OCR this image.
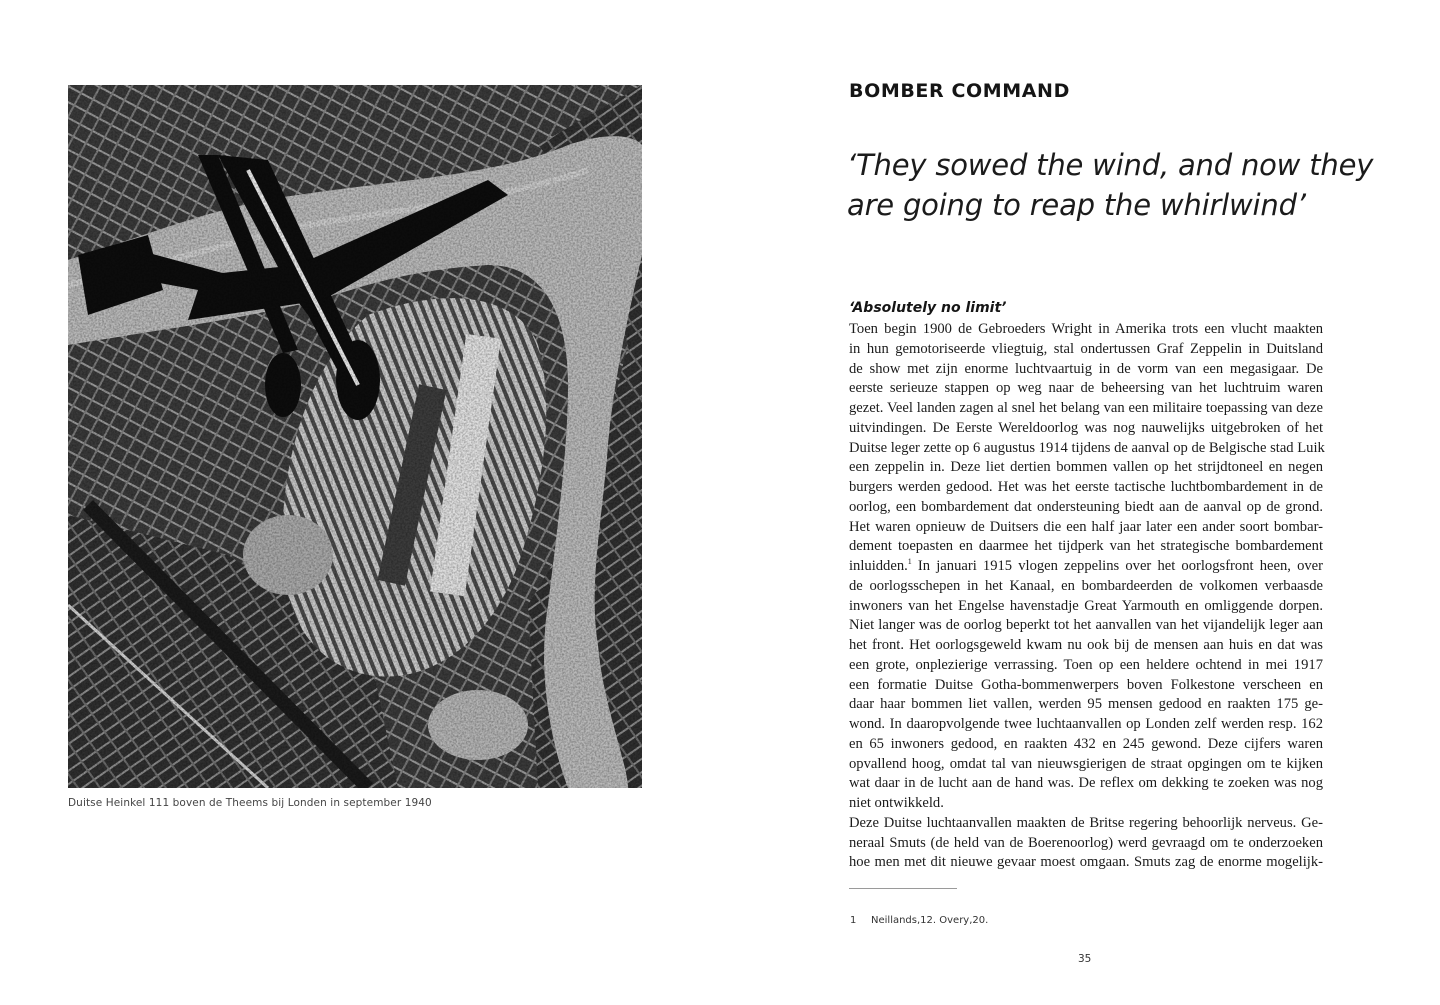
Duitse Heinkel 111 boven de Theems bij Londen in september 1940
BOMBER COMMAND
‘They sowed the wind, and now they
are going to reap the whirlwind’
‘Absolutely no limit’
Toen begin 1900 de Gebroeders Wright in Amerika trots een vlucht maakten
in hun gemotoriseerde vliegtuig, stal ondertussen Graf Zeppelin in Duitsland
de show met zijn enorme luchtvaartuig in de vorm van een megasigaar. De
eerste serieuze stappen op weg naar de beheersing van het luchtruim waren
gezet. Veel landen zagen al snel het belang van een militaire toepassing van deze
uitvindingen. De Eerste Wereldoorlog was nog nauwelijks uitgebroken of het
Duitse leger zette op 6 augustus 1914 tijdens de aanval op de Belgische stad Luik
een zeppelin in. Deze liet dertien bommen vallen op het strijdtoneel en negen
burgers werden gedood. Het was het eerste tactische luchtbombardement in de
oorlog, een bombardement dat ondersteuning biedt aan de aanval op de grond.
Het waren opnieuw de Duitsers die een half jaar later een ander soort bombar-
dement toepasten en daarmee het tijdperk van het strategische bombardement
inluidden.$^1$ In januari 1915 vlogen zeppelins over het oorlogsfront heen, over
de oorlogsschepen in het Kanaal, en bombardeerden de volkomen verbaasde
inwoners van het Engelse havenstadje Great Yarmouth en omliggende dorpen.
Niet langer was de oorlog beperkt tot het aanvallen van het vijandelijk leger aan
het front. Het oorlogsgeweld kwam nu ook bij de mensen aan huis en dat was
een grote, onplezierige verrassing. Toen op een heldere ochtend in mei 1917
een formatie Duitse Gotha-bommenwerpers boven Folkestone verscheen en
daar haar bommen liet vallen, werden 95 mensen gedood en raakten 175 ge-
wond. In daaropvolgende twee luchtaanvallen op Londen zelf werden resp. 162
en 65 inwoners gedood, en raakten 432 en 245 gewond. Deze cijfers waren
opvallend hoog, omdat tal van nieuwsgierigen de straat opgingen om te kijken
wat daar in de lucht aan de hand was. De reflex om dekking te zoeken was nog
niet ontwikkeld.
Deze Duitse luchtaanvallen maakten de Britse regering behoorlijk nerveus. Ge-
neraal Smuts (de held van de Boerenoorlog) werd gevraagd om te onderzoeken
hoe men met dit nieuwe gevaar moest omgaan. Smuts zag de enorme mogelijk-
1 Neillands,12. Overy,20.
35
